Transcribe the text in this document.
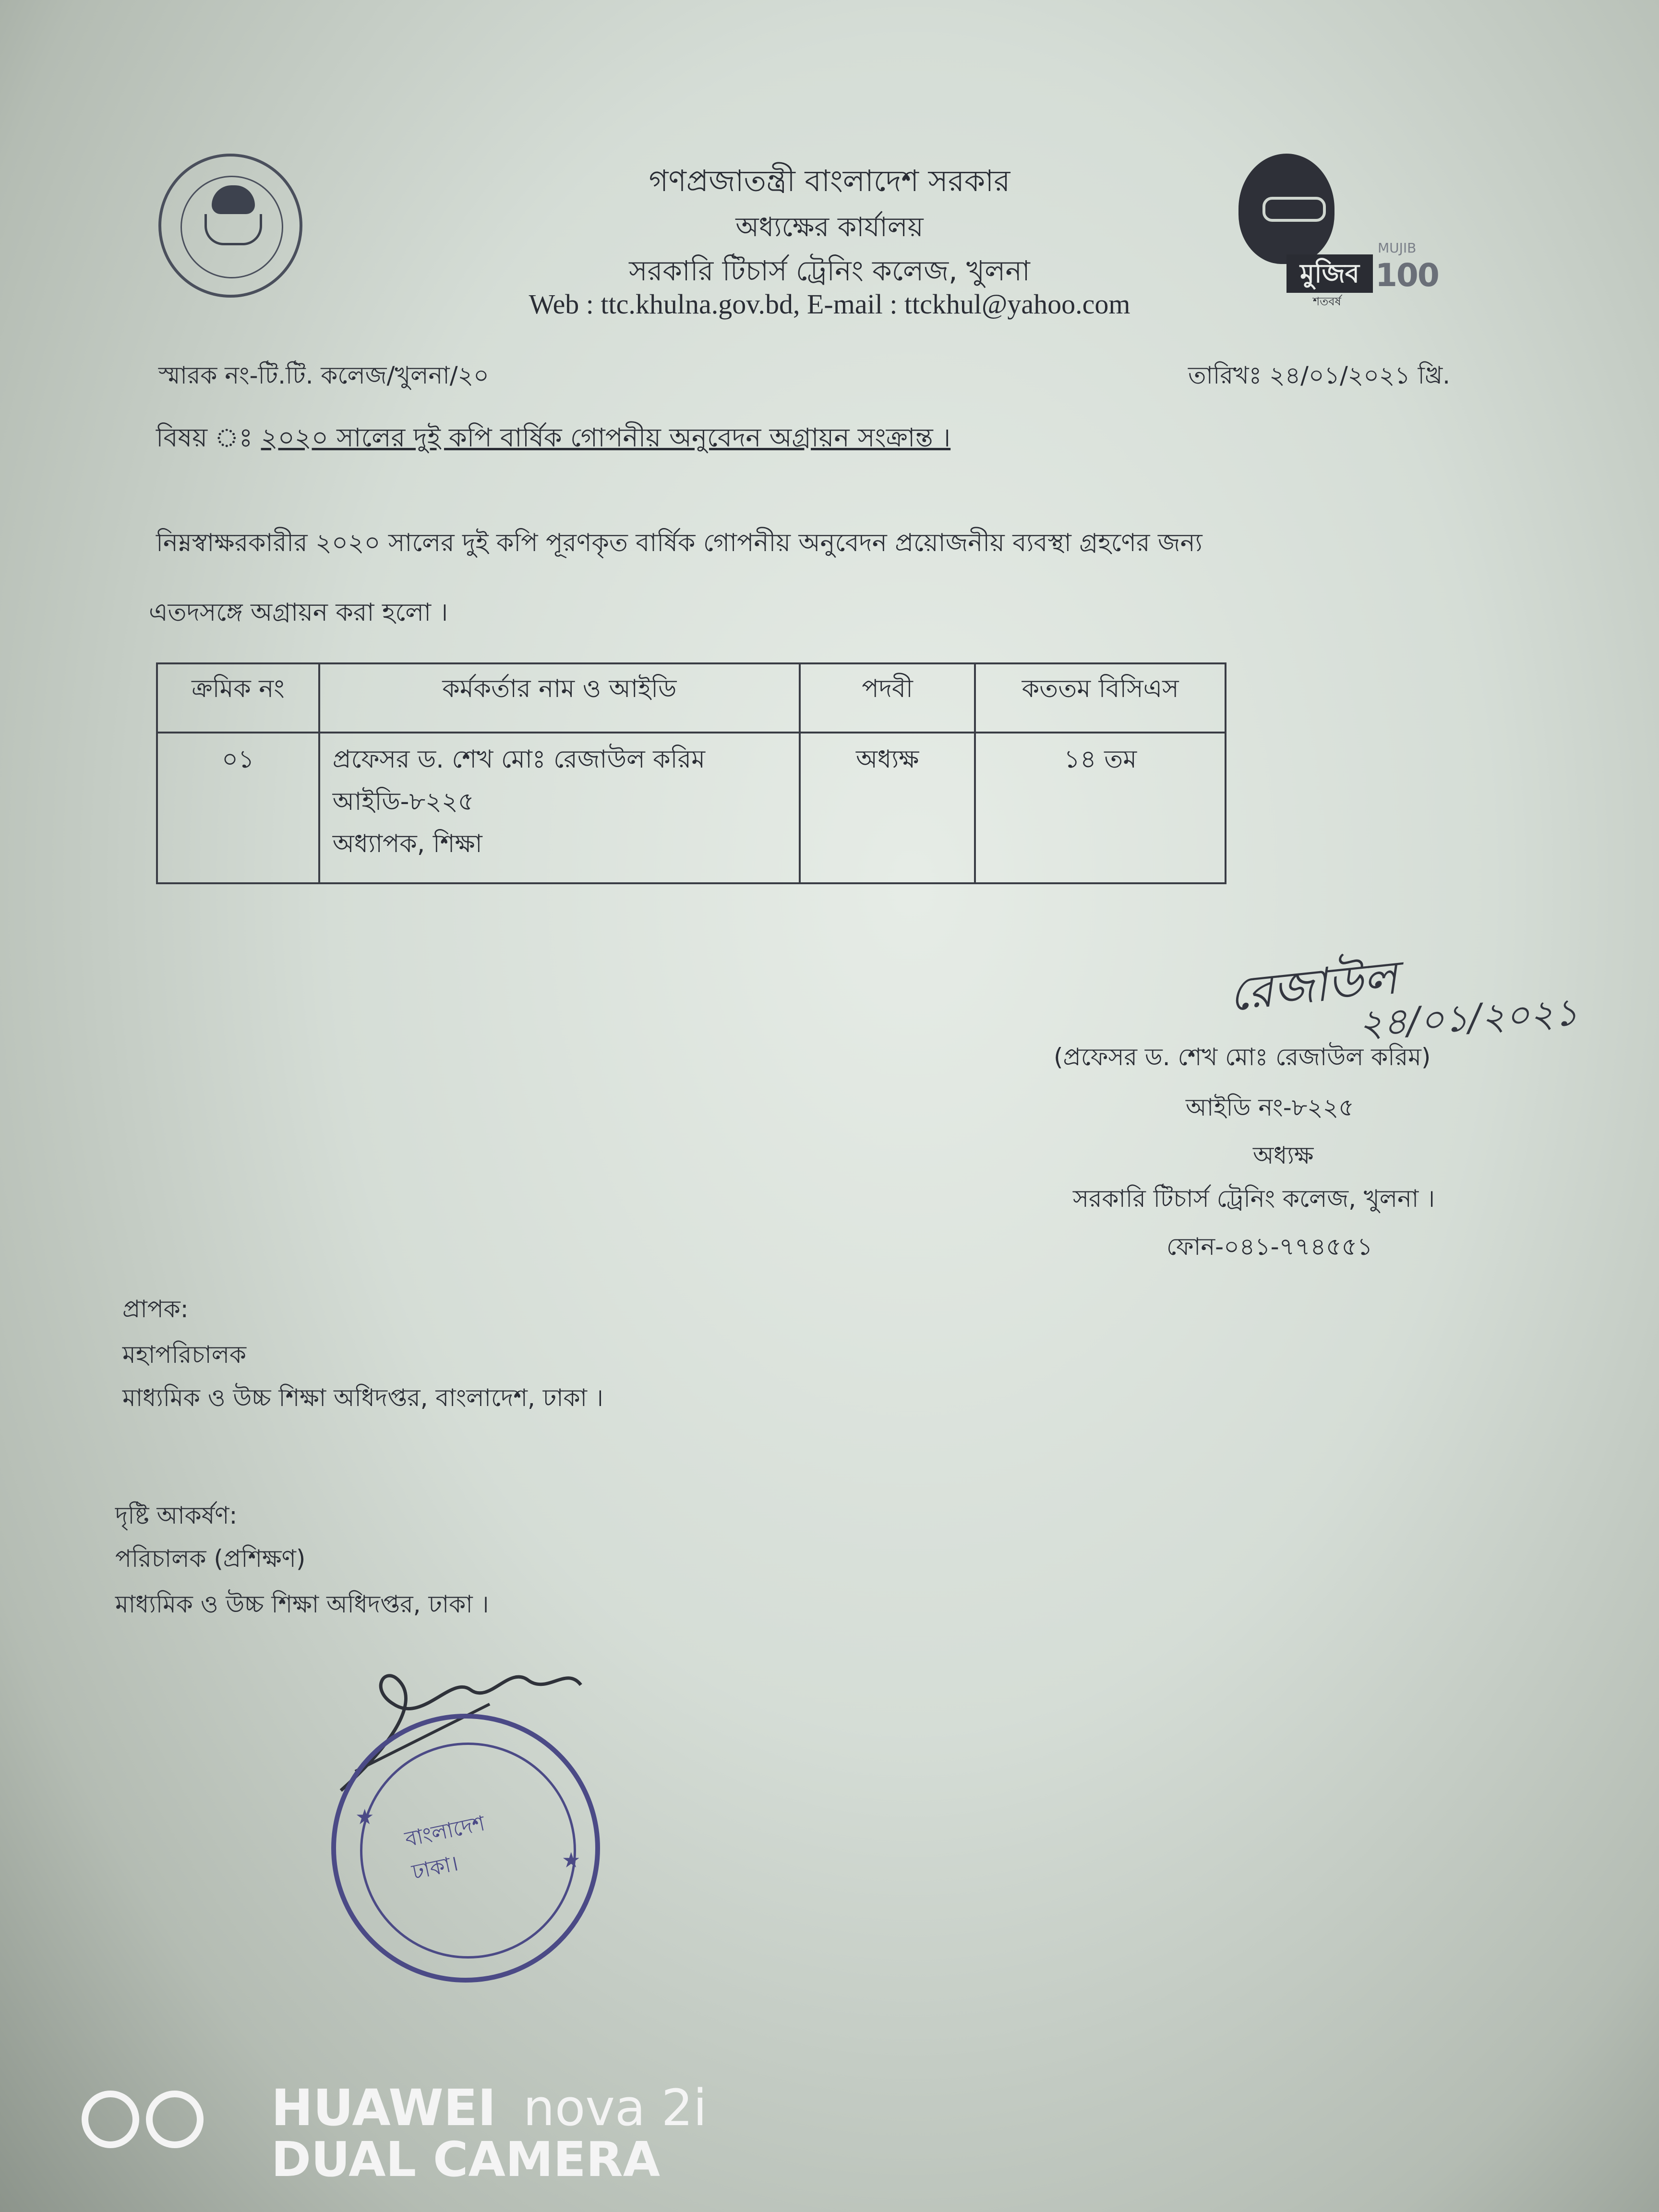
গণপ্রজাতন্ত্রী বাংলাদেশ সরকার
অধ্যক্ষের কার্যালয়
সরকারি টিচার্স ট্রেনিং কলেজ, খুলনা
Web : ttc.khulna.gov.bd, E-mail : ttckhul@yahoo.com
মুজিব 100
MUJIB
শতবর্ষ
স্মারক নং-টি.টি. কলেজ/খুলনা/২০	তারিখঃ ২৪/০১/২০২১ খ্রি.
বিষয় ঃ ২০২০ সালের দুই কপি বার্ষিক গোপনীয় অনুবেদন অগ্রায়ন সংক্রান্ত ।
নিম্নস্বাক্ষরকারীর ২০২০ সালের দুই কপি পূরণকৃত বার্ষিক গোপনীয় অনুবেদন প্রয়োজনীয় ব্যবস্থা গ্রহণের জন্য
এতদসঙ্গে অগ্রায়ন করা হলো ।
ক্রমিক নং	কর্মকর্তার নাম ও আইডি	পদবী	কততম বিসিএস
০১	প্রফেসর ড. শেখ মোঃ রেজাউল করিম
আইডি-৮২২৫
অধ্যাপক, শিক্ষা	অধ্যক্ষ	১৪ তম
রেজাউল
২৪/০১/২০২১
(প্রফেসর ড. শেখ মোঃ রেজাউল করিম)
আইডি নং-৮২২৫
অধ্যক্ষ
সরকারি টিচার্স ট্রেনিং কলেজ, খুলনা ।
ফোন-০৪১-৭৭৪৫৫১
প্রাপক:
মহাপরিচালক
মাধ্যমিক ও উচ্চ শিক্ষা অধিদপ্তর, বাংলাদেশ, ঢাকা ।
দৃষ্টি আকর্ষণ:
পরিচালক (প্রশিক্ষণ)
মাধ্যমিক ও উচ্চ শিক্ষা অধিদপ্তর, ঢাকা ।
★
★
বাংলাদেশ
ঢাকা।
HUAWEI nova 2i
DUAL CAMERA
